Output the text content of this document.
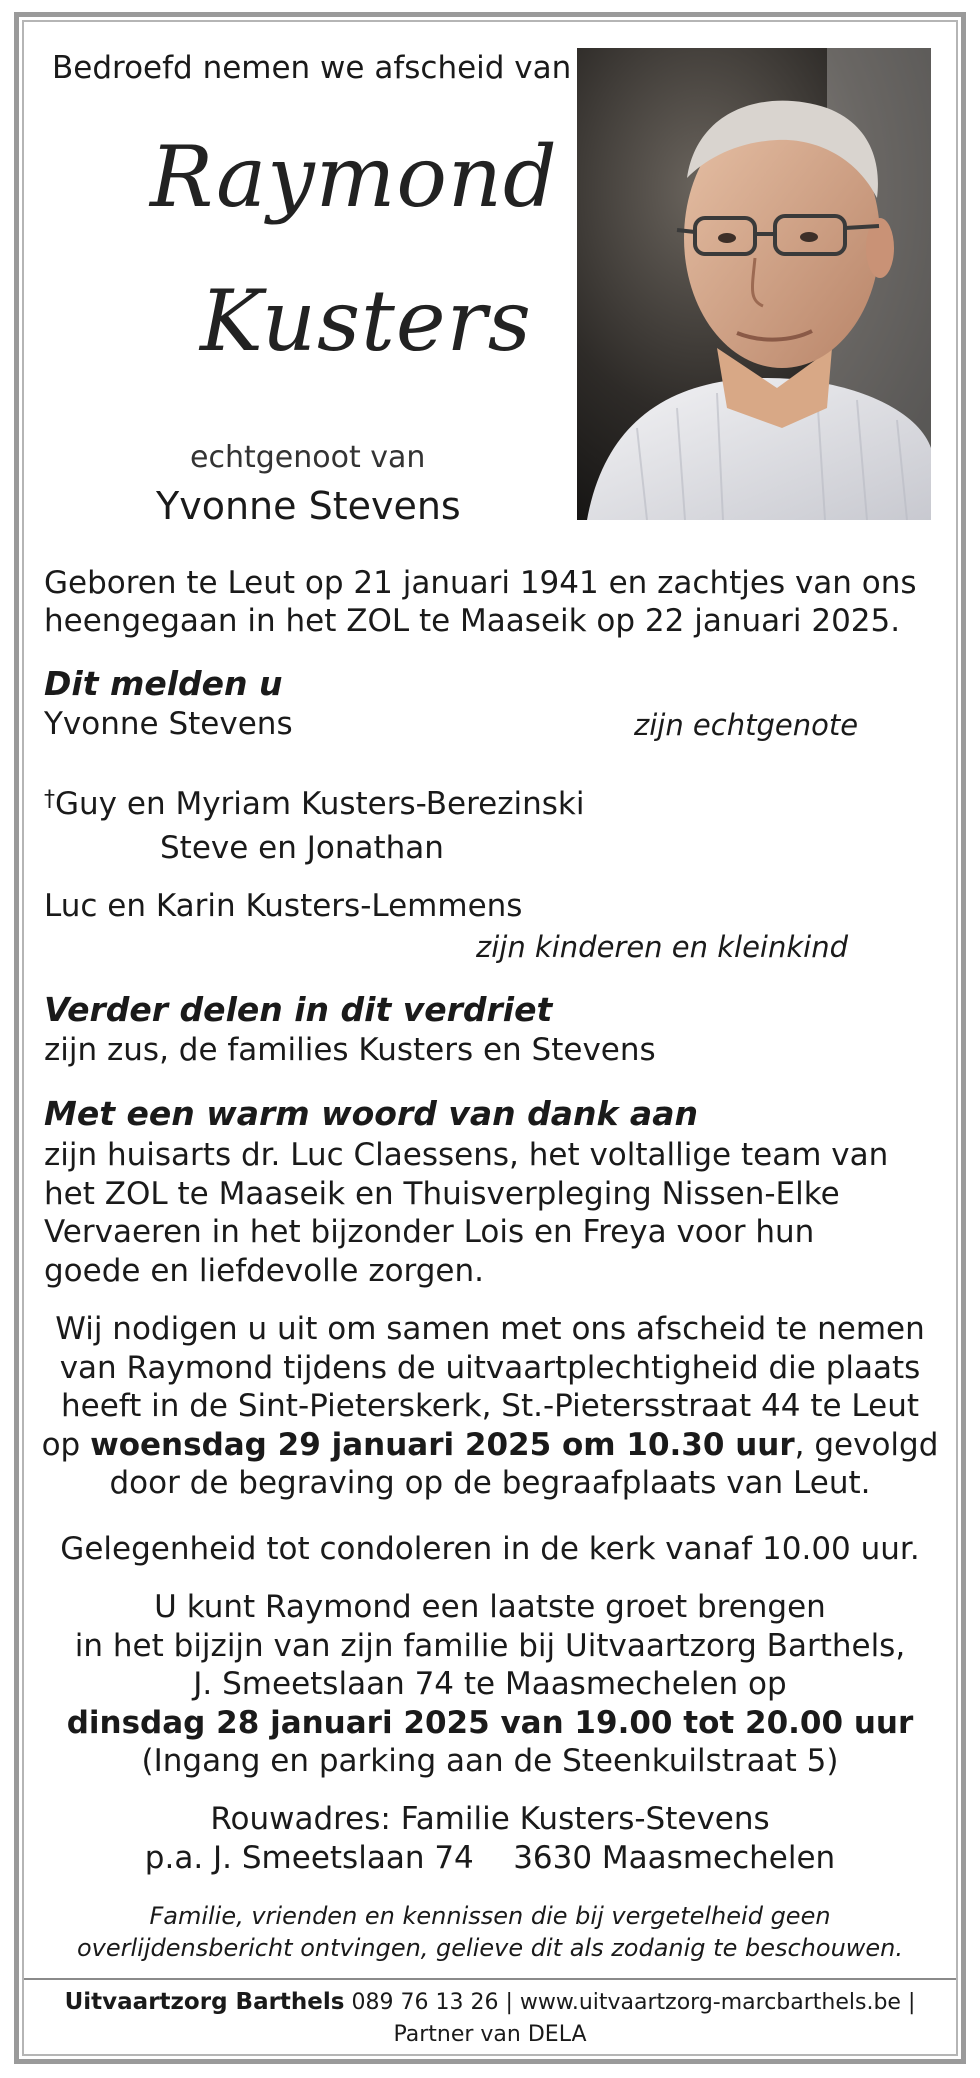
Bedroefd nemen we afscheid van
Raymond
Kusters
echtgenoot van
Yvonne Stevens
Geboren te Leut op 21 januari 1941 en zachtjes van ons
heengegaan in het ZOL te Maaseik op 22 januari 2025.
Dit melden u
Yvonne Stevens	zijn echtgenote
†Guy en Myriam Kusters-Berezinski
Steve en Jonathan
Luc en Karin Kusters-Lemmens
zijn kinderen en kleinkind
Verder delen in dit verdriet
zijn zus, de families Kusters en Stevens
Met een warm woord van dank aan
zijn huisarts dr. Luc Claessens, het voltallige team van
het ZOL te Maaseik en Thuisverpleging Nissen-Elke
Vervaeren in het bijzonder Lois en Freya voor hun
goede en liefdevolle zorgen.
Wij nodigen u uit om samen met ons afscheid te nemen
van Raymond tijdens de uitvaartplechtigheid die plaats
heeft in de Sint-Pieterskerk, St.-Pietersstraat 44 te Leut
op woensdag 29 januari 2025 om 10.30 uur, gevolgd
door de begraving op de begraafplaats van Leut.
Gelegenheid tot condoleren in de kerk vanaf 10.00 uur.
U kunt Raymond een laatste groet brengen
in het bijzijn van zijn familie bij Uitvaartzorg Barthels,
J. Smeetslaan 74 te Maasmechelen op
dinsdag 28 januari 2025 van 19.00 tot 20.00 uur
(Ingang en parking aan de Steenkuilstraat 5)
Rouwadres: Familie Kusters-Stevens
p.a. J. Smeetslaan 74 3630 Maasmechelen
Familie, vrienden en kennissen die bij vergetelheid geen
overlijdensbericht ontvingen, gelieve dit als zodanig te beschouwen.
Uitvaartzorg Barthels 089 76 13 26 | www.uitvaartzorg-marcbarthels.be |
Partner van DELA
